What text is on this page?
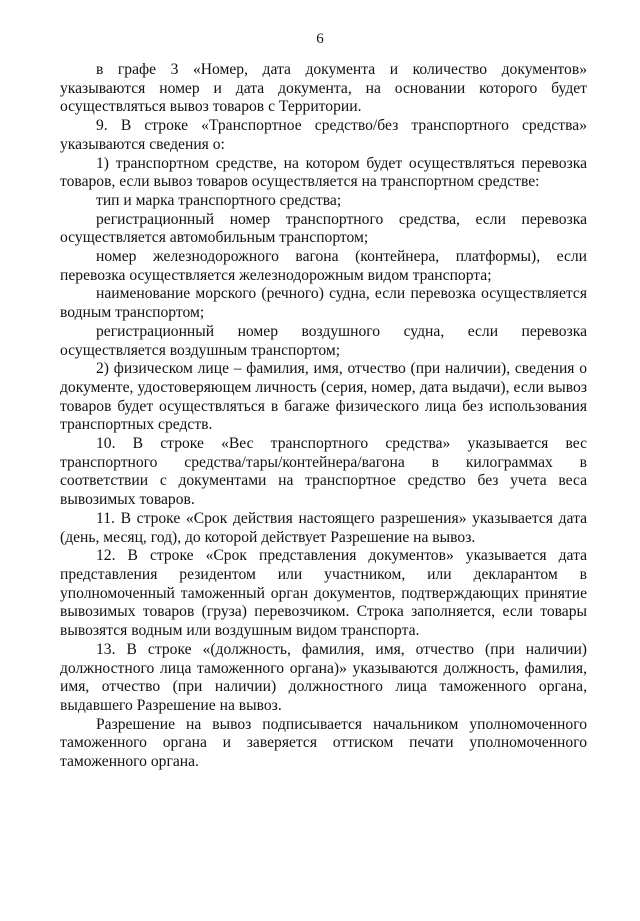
6

в графе 3 «Номер, дата документа и количество документов» указываются номер и дата документа, на основании которого будет осуществляться вывоз товаров с Территории.

9. В строке «Транспортное средство/без транспортного средства» указываются сведения о:

1) транспортном средстве, на котором будет осуществляться перевозка товаров, если вывоз товаров осуществляется на транспортном средстве:

тип и марка транспортного средства;

регистрационный номер транспортного средства, если перевозка осуществляется автомобильным транспортом;

номер железнодорожного вагона (контейнера, платформы), если перевозка осуществляется железнодорожным видом транспорта;

наименование морского (речного) судна, если перевозка осуществляется водным транспортом;

регистрационный номер воздушного судна, если перевозка осуществляется воздушным транспортом;

2) физическом лице – фамилия, имя, отчество (при наличии), сведения о документе, удостоверяющем личность (серия, номер, дата выдачи), если вывоз товаров будет осуществляться в багаже физического лица без использования транспортных средств.

10. В строке «Вес транспортного средства» указывается вес транспортного средства/тары/контейнера/вагона в килограммах в соответствии с документами на транспортное средство без учета веса вывозимых товаров.

11. В строке «Срок действия настоящего разрешения» указывается дата (день, месяц, год), до которой действует Разрешение на вывоз.

12. В строке «Срок представления документов» указывается дата представления резидентом или участником, или декларантом в уполномоченный таможенный орган документов, подтверждающих принятие вывозимых товаров (груза) перевозчиком. Строка заполняется, если товары вывозятся водным или воздушным видом транспорта.

13. В строке «(должность, фамилия, имя, отчество (при наличии) должностного лица таможенного органа)» указываются должность, фамилия, имя, отчество (при наличии) должностного лица таможенного органа, выдавшего Разрешение на вывоз.

Разрешение на вывоз подписывается начальником уполномоченного таможенного органа и заверяется оттиском печати уполномоченного таможенного органа.
